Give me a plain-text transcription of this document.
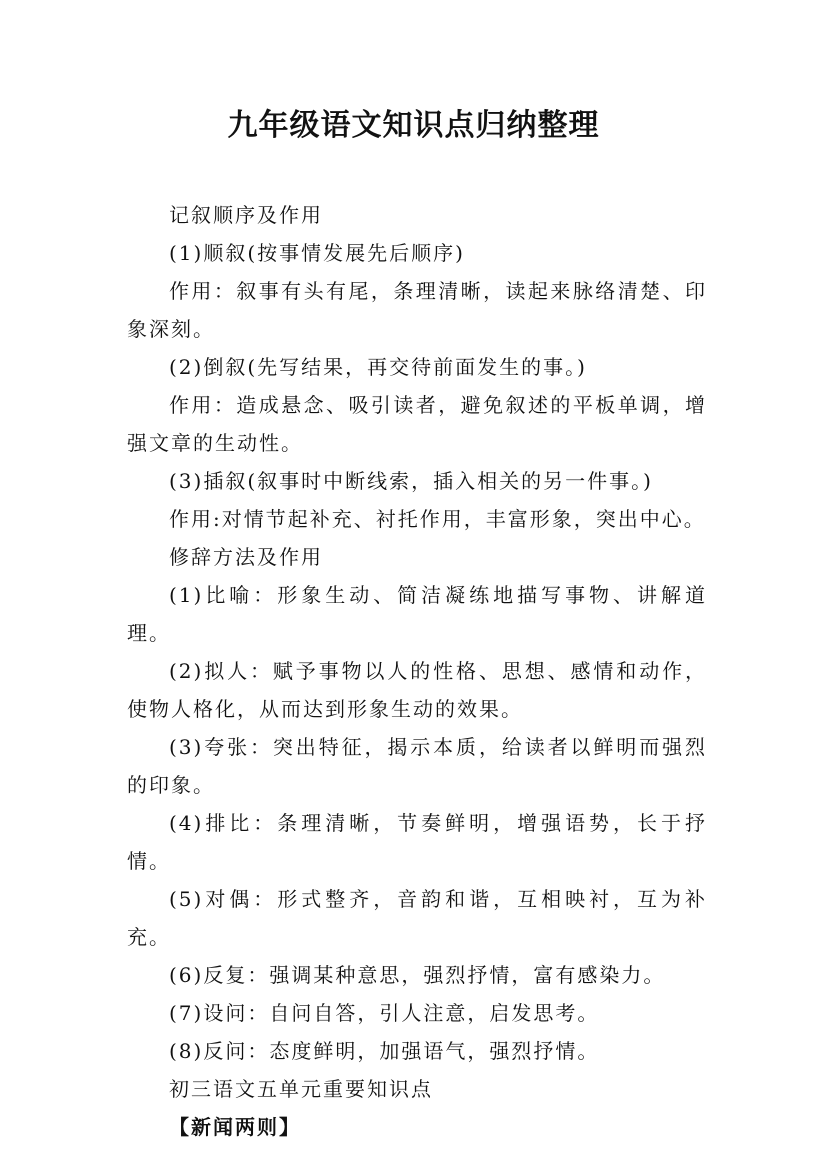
九年级语文知识点归纳整理

记叙顺序及作用

(1)顺叙(按事情发展先后顺序)

作用：叙事有头有尾，条理清晰，读起来脉络清楚、印象深刻。

(2)倒叙(先写结果，再交待前面发生的事。)

作用：造成悬念、吸引读者，避免叙述的平板单调，增强文章的生动性。

(3)插叙(叙事时中断线索，插入相关的另一件事。)

作用:对情节起补充、衬托作用，丰富形象，突出中心。

修辞方法及作用

(1)比喻：形象生动、简洁凝练地描写事物、讲解道理。

(2)拟人：赋予事物以人的性格、思想、感情和动作，使物人格化，从而达到形象生动的效果。

(3)夸张：突出特征，揭示本质，给读者以鲜明而强烈的印象。

(4)排比：条理清晰，节奏鲜明，增强语势，长于抒情。

(5)对偶：形式整齐，音韵和谐，互相映衬，互为补充。

(6)反复：强调某种意思，强烈抒情，富有感染力。

(7)设问：自问自答，引人注意，启发思考。

(8)反问：态度鲜明，加强语气，强烈抒情。

初三语文五单元重要知识点

【新闻两则】
